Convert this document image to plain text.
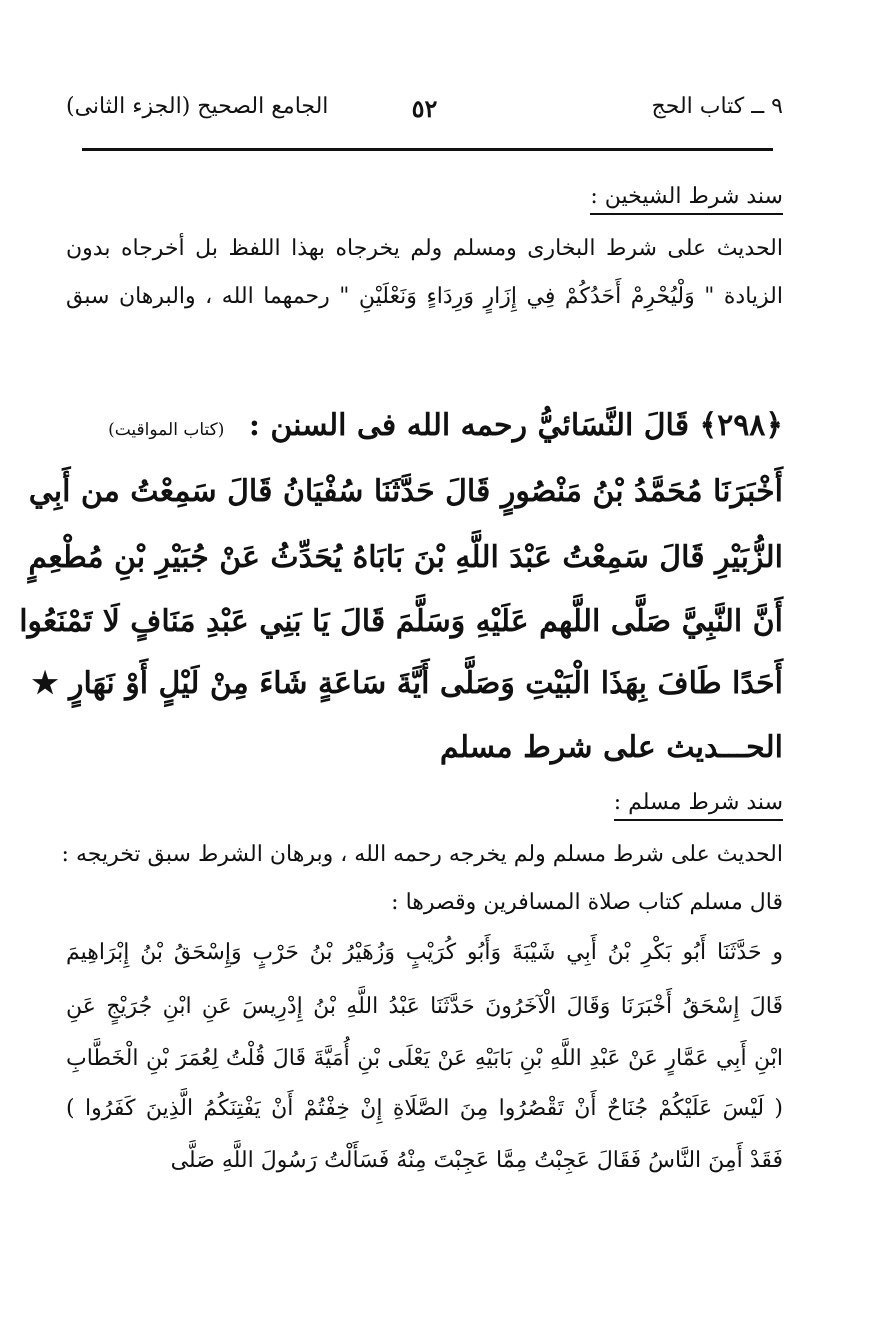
٩ ــ كتاب الحج
٥٢
الجامع الصحيح (الجزء الثانى)
سند شرط الشيخين :
الحديث على شرط البخارى ومسلم ولم يخرجاه بهذا اللفظ بل أخرجاه بدون
الزيادة " وَلْيُحْرِمْ أَحَدُكُمْ فِي إِزَارٍ وَرِدَاءٍ وَنَعْلَيْنِ " رحمهما الله ، والبرهان سبق
﴿٢٩٨﴾ قَالَ النَّسَائيُّ رحمه الله فى السنن : (كتاب المواقيت)
أَخْبَرَنَا مُحَمَّدُ بْنُ مَنْصُورٍ قَالَ حَدَّثَنَا سُفْيَانُ قَالَ سَمِعْتُ من أَبِي
الزُّبَيْرِ قَالَ سَمِعْتُ عَبْدَ اللَّهِ بْنَ بَابَاهُ يُحَدِّثُ عَنْ جُبَيْرِ بْنِ مُطْعِمٍ
أَنَّ النَّبِيَّ صَلَّى اللَّهم عَلَيْهِ وَسَلَّمَ قَالَ يَا بَنِي عَبْدِ مَنَافٍ لَا تَمْنَعُوا
أَحَدًا طَافَ بِهَذَا الْبَيْتِ وَصَلَّى أَيَّةَ سَاعَةٍ شَاءَ مِنْ لَيْلٍ أَوْ نَهَارٍ ★
الحـــديث على شرط مسلم
سند شرط مسلم :
الحديث على شرط مسلم ولم يخرجه رحمه الله ، وبرهان الشرط سبق تخريجه :
قال مسلم كتاب صلاة المسافرين وقصرها :
و حَدَّثَنَا أَبُو بَكْرِ بْنُ أَبِي شَيْبَةَ وَأَبُو كُرَيْبٍ وَزُهَيْرُ بْنُ حَرْبٍ وَإِسْحَقُ بْنُ إِبْرَاهِيمَ
قَالَ إِسْحَقُ أَخْبَرَنَا وَقَالَ الْآخَرُونَ حَدَّثَنَا عَبْدُ اللَّهِ بْنُ إِدْرِيسَ عَنِ ابْنِ جُرَيْجٍ عَنِ
ابْنِ أَبِي عَمَّارٍ عَنْ عَبْدِ اللَّهِ بْنِ بَابَيْهِ عَنْ يَعْلَى بْنِ أُمَيَّةَ قَالَ قُلْتُ لِعُمَرَ بْنِ الْخَطَّابِ
( لَيْسَ عَلَيْكُمْ جُنَاحٌ أَنْ تَقْصُرُوا مِنَ الصَّلَاةِ إِنْ خِفْتُمْ أَنْ يَفْتِنَكُمُ الَّذِينَ كَفَرُوا )
فَقَدْ أَمِنَ النَّاسُ فَقَالَ عَجِبْتُ مِمَّا عَجِبْتَ مِنْهُ فَسَأَلْتُ رَسُولَ اللَّهِ صَلَّى
